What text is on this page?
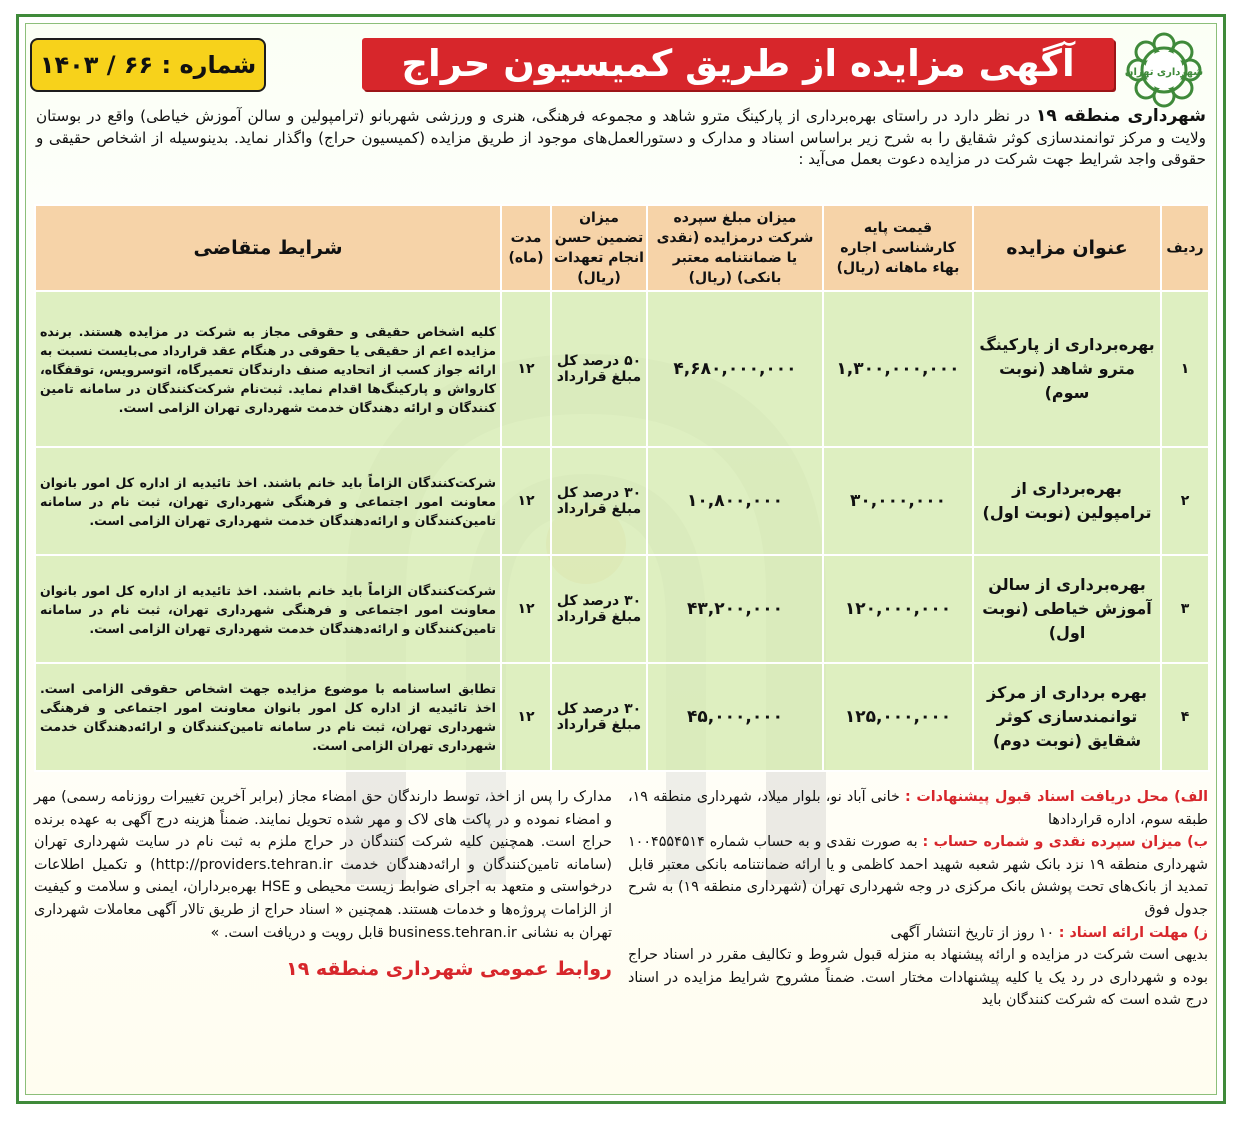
شهرداری تهران
آگهی مزایده از طریق کمیسیون حراج
شماره : ۶۶ / ۱۴۰۳
شهرداری منطقه ۱۹ در نظر دارد در راستای بهره‌برداری از پارکینگ مترو شاهد و مجموعه فرهنگی، هنری و ورزشی شهربانو (ترامپولین و سالن آموزش خیاطی) واقع در بوستان ولایت و مرکز توانمندسازی کوثر شقایق را به شرح زیر براساس اسناد و مدارک و دستورالعمل‌های موجود از طریق مزایده (کمیسیون حراج) واگذار نماید. بدینوسیله از اشخاص حقیقی و حقوقی واجد شرایط جهت شرکت در مزایده دعوت بعمل می‌آید :
ردیف	عنوان مزایده	قیمت پایه کارشناسی اجاره بهاء ماهانه (ریال)	میزان مبلغ سپرده شرکت درمزایده (نقدی یا ضمانتنامه معتبر بانکی) (ریال)	میزان تضمین حسن انجام تعهدات (ریال)	مدت (ماه)	شرایط متقاضی
۱	بهره‌برداری از پارکینگ مترو شاهد (نوبت سوم)	۱,۳۰۰,۰۰۰,۰۰۰	۴,۶۸۰,۰۰۰,۰۰۰	۵۰ درصد کل مبلغ قرارداد	۱۲	کلیه اشخاص حقیقی و حقوقی مجاز به شرکت در مزایده هستند. برنده مزایده اعم از حقیقی یا حقوقی در هنگام عقد قرارداد می‌بایست نسبت به ارائه جواز کسب از اتحادیه صنف دارندگان تعمیرگاه، اتوسرویس، توقفگاه، کارواش و پارکینگ‌ها اقدام نماید. ثبت‌نام شرکت‌کنندگان در سامانه تامین کنندگان و ارائه دهندگان خدمت شهرداری تهران الزامی است.
۲	بهره‌برداری از ترامپولین (نوبت اول)	۳۰,۰۰۰,۰۰۰	۱۰,۸۰۰,۰۰۰	۳۰ درصد کل مبلغ قرارداد	۱۲	شرکت‌کنندگان الزاماً باید خانم باشند. اخذ تائیدیه از اداره کل امور بانوان معاونت امور اجتماعی و فرهنگی شهرداری تهران، ثبت نام در سامانه تامین‌کنندگان و ارائه‌دهندگان خدمت شهرداری تهران الزامی است.
۳	بهره‌برداری از سالن آموزش خیاطی (نوبت اول)	۱۲۰,۰۰۰,۰۰۰	۴۳,۲۰۰,۰۰۰	۳۰ درصد کل مبلغ قرارداد	۱۲	شرکت‌کنندگان الزاماً باید خانم باشند. اخذ تائیدیه از اداره کل امور بانوان معاونت امور اجتماعی و فرهنگی شهرداری تهران، ثبت نام در سامانه تامین‌کنندگان و ارائه‌دهندگان خدمت شهرداری تهران الزامی است.
۴	بهره برداری از مرکز توانمندسازی کوثر شقایق (نوبت دوم)	۱۲۵,۰۰۰,۰۰۰	۴۵,۰۰۰,۰۰۰	۳۰ درصد کل مبلغ قرارداد	۱۲	تطابق اساسنامه با موضوع مزایده جهت اشخاص حقوقی الزامی است. اخذ تائیدیه از اداره کل امور بانوان معاونت امور اجتماعی و فرهنگی شهرداری تهران، ثبت نام در سامانه تامین‌کنندگان و ارائه‌دهندگان خدمت شهرداری تهران الزامی است.
الف) محل دریافت اسناد قبول پیشنهادات : خانی آباد نو، بلوار میلاد، شهرداری منطقه ۱۹، طبقه سوم، اداره قراردادها
ب) میزان سپرده نقدی و شماره حساب : به صورت نقدی و به حساب شماره ۱۰۰۴۵۵۴۵۱۴ شهرداری منطقه ۱۹ نزد بانک شهر شعبه شهید احمد کاظمی و یا ارائه ضمانتنامه بانکی معتبر قابل تمدید از بانک‌های تحت پوشش بانک مرکزی در وجه شهرداری تهران (شهرداری منطقه ۱۹) به شرح جدول فوق
ز) مهلت ارائه اسناد : ۱۰ روز از تاریخ انتشار آگهی
بدیهی است شرکت در مزایده و ارائه پیشنهاد به منزله قبول شروط و تکالیف مقرر در اسناد حراج بوده و شهرداری در رد یک یا کلیه پیشنهادات مختار است. ضمناً مشروح شرایط مزایده در اسناد درج شده است که شرکت کنندگان باید
مدارک را پس از اخذ، توسط دارندگان حق امضاء مجاز (برابر آخرین تغییرات روزنامه رسمی) مهر و امضاء نموده و در پاکت های لاک و مهر شده تحویل نمایند. ضمناً هزینه درج آگهی به عهده برنده حراج است. همچنین کلیه شرکت کنندگان در حراج ملزم به ثبت نام در سایت شهرداری تهران (سامانه تامین‌کنندگان و ارائه‌دهندگان خدمت http://providers.tehran.ir) و تکمیل اطلاعات درخواستی و متعهد به اجرای ضوابط زیست محیطی و HSE بهره‌برداران، ایمنی و سلامت و کیفیت از الزامات پروژه‌ها و خدمات هستند. همچنین « اسناد حراج از طریق تالار آگهی معاملات شهرداری تهران به نشانی business.tehran.ir قابل رویت و دریافت است. »
روابط عمومی شهرداری منطقه ۱۹
